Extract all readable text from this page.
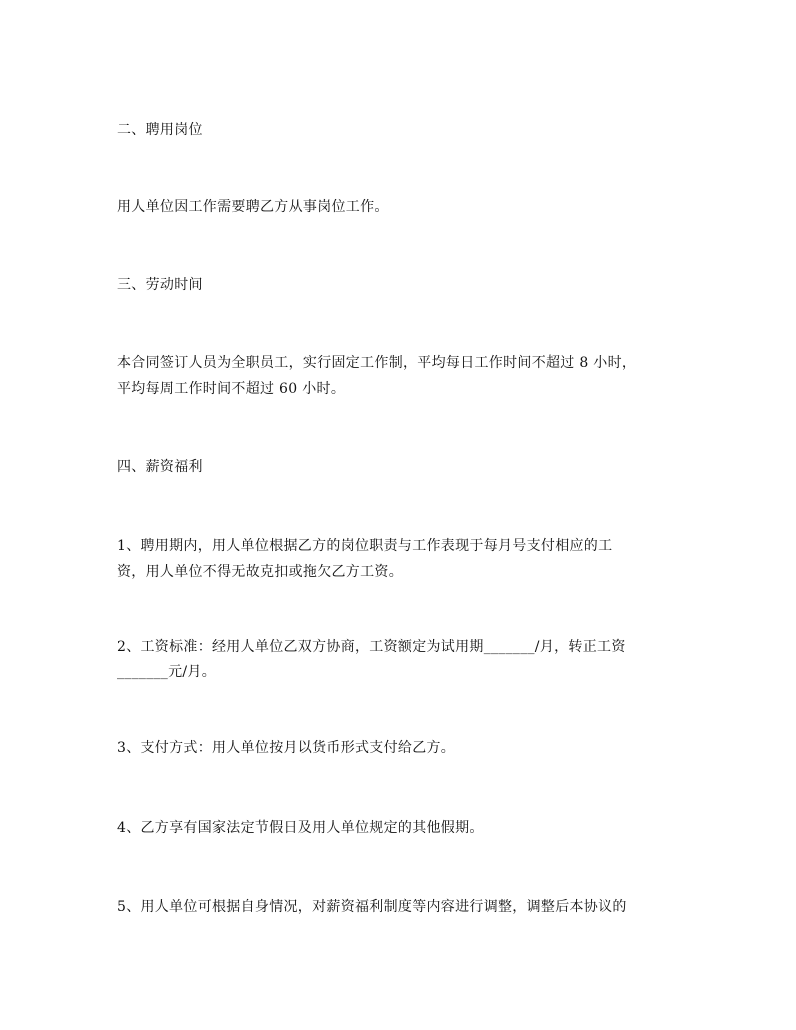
二、聘用岗位
用人单位因工作需要聘乙方从事岗位工作。
三、劳动时间
本合同签订人员为全职员工，实行固定工作制，平均每日工作时间不超过 8 小时，
平均每周工作时间不超过 60 小时。
四、薪资福利
1、聘用期内，用人单位根据乙方的岗位职责与工作表现于每月号支付相应的工
资，用人单位不得无故克扣或拖欠乙方工资。
2、工资标准：经用人单位乙双方协商，工资额定为试用期_______/月，转正工资
_______元/月。
3、支付方式：用人单位按月以货币形式支付给乙方。
4、乙方享有国家法定节假日及用人单位规定的其他假期。
5、用人单位可根据自身情况，对薪资福利制度等内容进行调整，调整后本协议的
